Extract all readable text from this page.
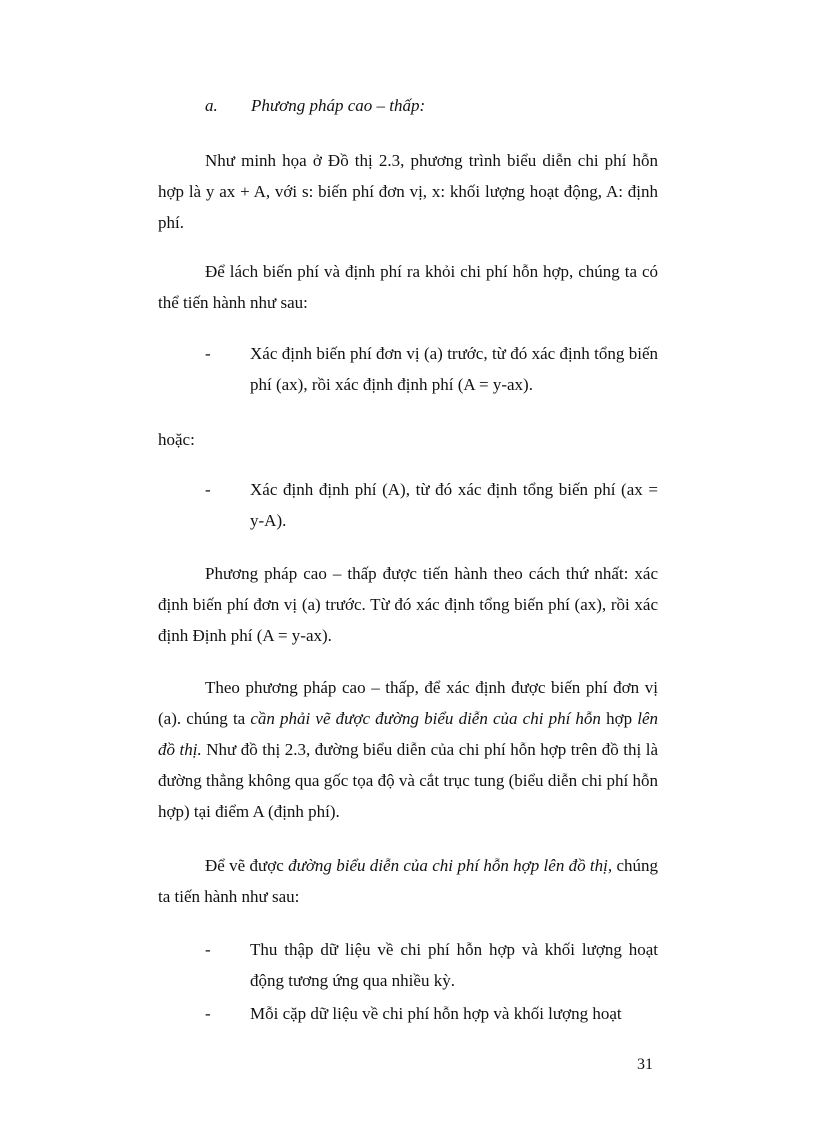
a. Phương pháp cao – thấp:

Như minh họa ở Đồ thị 2.3, phương trình biểu diễn chi phí hỗn hợp là y ax + A, với s: biến phí đơn vị, x: khối lượng hoạt động, A: định phí.

Để lách biến phí và định phí ra khỏi chi phí hỗn hợp, chúng ta có thể tiến hành như sau:

- Xác định biến phí đơn vị (a) trước, từ đó xác định tổng biến phí (ax), rồi xác định định phí (A = y-ax).

hoặc:

- Xác định định phí (A), từ đó xác định tổng biến phí (ax = y-A).

Phương pháp cao – thấp được tiến hành theo cách thứ nhất: xác định biến phí đơn vị (a) trước. Từ đó xác định tổng biến phí (ax), rồi xác định Định phí (A = y-ax).

Theo phương pháp cao – thấp, để xác định được biến phí đơn vị (a). chúng ta cần phải vẽ được đường biểu diễn của chi phí hỗn hợp lên đồ thị. Như đồ thị 2.3, đường biểu diễn của chi phí hỗn hợp trên đồ thị là đường thẳng không qua gốc tọa độ và cắt trục tung (biểu diễn chi phí hỗn hợp) tại điểm A (định phí).

Để vẽ được đường biểu diễn của chi phí hỗn hợp lên đồ thị, chúng ta tiến hành như sau:

- Thu thập dữ liệu về chi phí hỗn hợp và khối lượng hoạt động tương ứng qua nhiều kỳ.
- Mỗi cặp dữ liệu về chi phí hỗn hợp và khối lượng hoạt
31
